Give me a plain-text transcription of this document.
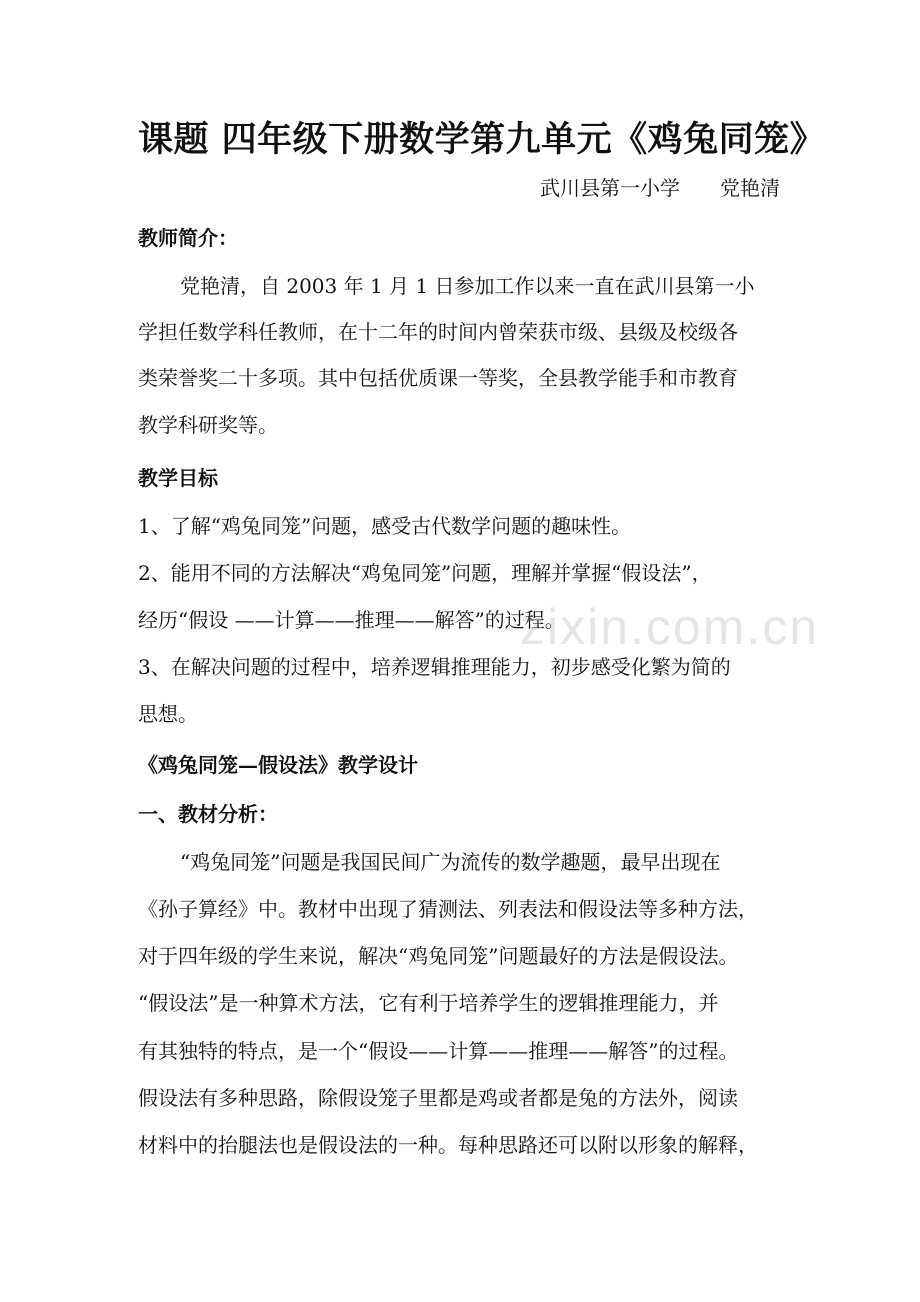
课题 四年级下册数学第九单元《鸡兔同笼》
武川县第一小学 党艳清
教师简介：
党艳清，自 2003 年 1 月 1 日参加工作以来一直在武川县第一小
学担任数学科任教师，在十二年的时间内曾荣获市级、县级及校级各
类荣誉奖二十多项。其中包括优质课一等奖，全县教学能手和市教育
教学科研奖等。
教学目标
1、了解“鸡兔同笼”问题，感受古代数学问题的趣味性。
2、能用不同的方法解决“鸡兔同笼”问题，理解并掌握“假设法”，
经历“假设 ——计算——推理——解答”的过程。
3、在解决问题的过程中，培养逻辑推理能力，初步感受化繁为简的
思想。
《鸡兔同笼—假设法》教学设计
一、教材分析：
“鸡兔同笼”问题是我国民间广为流传的数学趣题，最早出现在
《孙子算经》中。教材中出现了猜测法、列表法和假设法等多种方法，
对于四年级的学生来说，解决“鸡兔同笼”问题最好的方法是假设法。
“假设法”是一种算术方法，它有利于培养学生的逻辑推理能力，并
有其独特的特点，是一个“假设——计算——推理——解答”的过程。
假设法有多种思路，除假设笼子里都是鸡或者都是兔的方法外，阅读
材料中的抬腿法也是假设法的一种。每种思路还可以附以形象的解释，
zixin.com.cn
